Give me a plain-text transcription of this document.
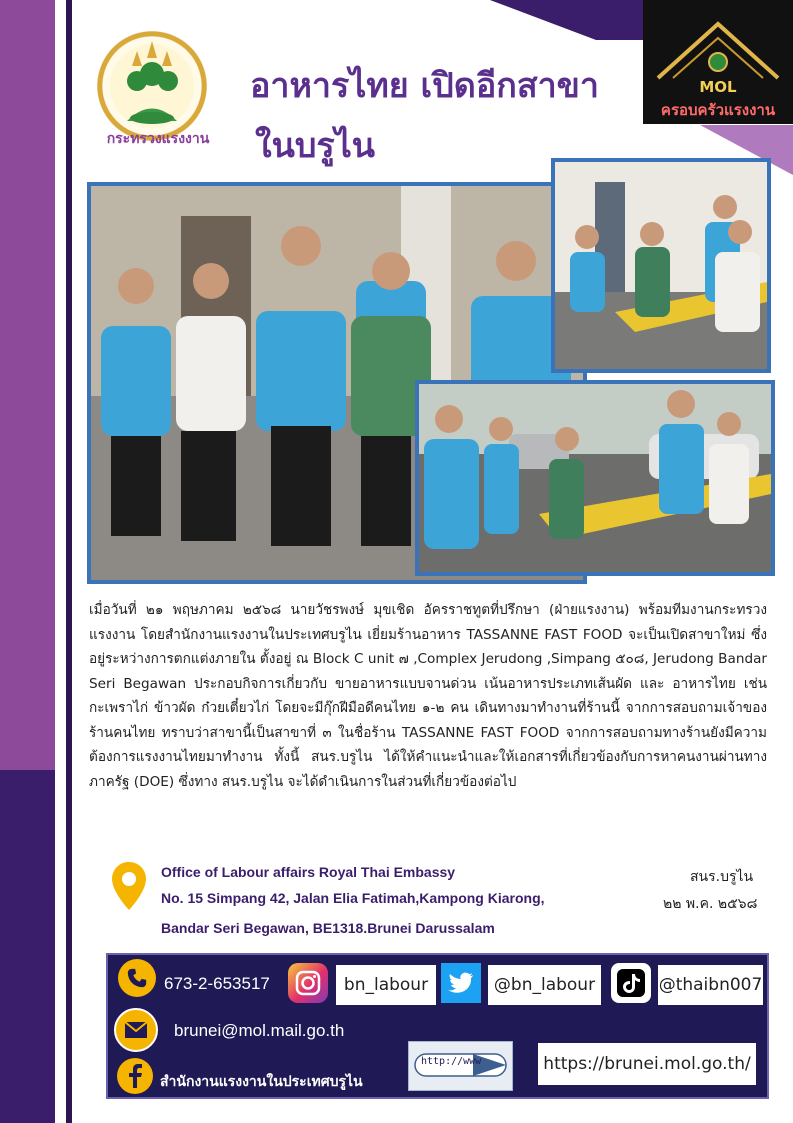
กระทรวงแรงงาน
อาหารไทย เปิดอีกสาขา
ในบรูไน
MOL
ครอบครัวแรงงาน
เมื่อวันที่ ๒๑ พฤษภาคม ๒๕๖๘ นายวัชรพงษ์ มุขเชิด อัครราชทูตที่ปรึกษา (ฝ่ายแรงงาน) พร้อมทีมงานกระทรวงแรงงาน โดยสำนักงานแรงงานในประเทศบรูไน เยี่ยมร้านอาหาร TASSANNE FAST FOOD จะเป็นเปิดสาขาใหม่ ซึ่งอยู่ระหว่างการตกแต่งภายใน ตั้งอยู่ ณ Block C unit ๗ ,Complex Jerudong ,Simpang ๕๐๘, Jerudong Bandar Seri Begawan ประกอบกิจการเกี่ยวกับ ขายอาหารแบบจานด่วน เน้นอาหารประเภทเส้นผัด และ อาหารไทย เช่น กะเพราไก่ ข้าวผัด ก๋วยเตี๋ยวไก่ โดยจะมีกุ๊กฝีมือดีคนไทย ๑-๒ คน เดินทางมาทำงานที่ร้านนี้ จากการสอบถามเจ้าของร้านคนไทย ทราบว่าสาขานี้เป็นสาขาที่ ๓ ในชื่อร้าน TASSANNE FAST FOOD จากการสอบถามทางร้านยังมีความต้องการแรงงานไทยมาทำงาน ทั้งนี้ สนร.บรูไน ได้ให้คำแนะนำและให้เอกสารที่เกี่ยวข้องกับการหาคนงานผ่านทางภาครัฐ (DOE) ซึ่งทาง สนร.บรูไน จะได้ดำเนินการในส่วนที่เกี่ยวข้องต่อไป
Office of Labour affairs Royal Thai Embassy
No. 15 Simpang 42, Jalan Elia Fatimah,Kampong Kiarong,
Bandar Seri Begawan, BE1318.Brunei Darussalam
สนร.บรูไน
๒๒ พ.ค. ๒๕๖๘
673-2-653517	bn_labour	@bn_labour	@thaibn007
brunei@mol.mail.go.th
สำนักงานแรงงานในประเทศบรูไน
http://www	https://brunei.mol.go.th/
